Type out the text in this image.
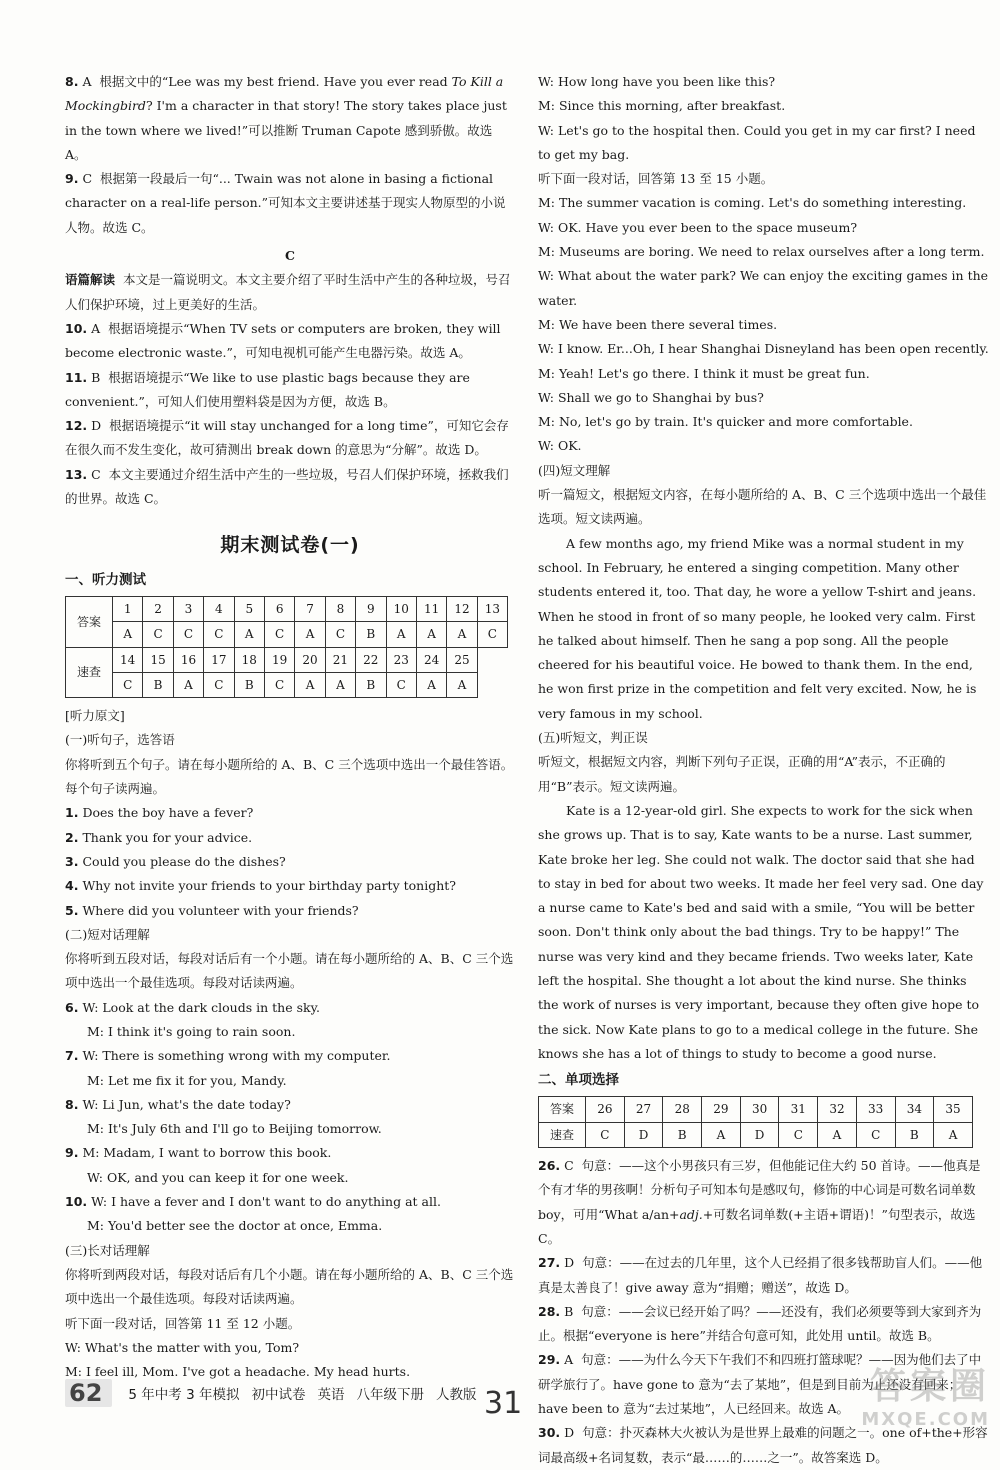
8. A 根据文中的“Lee was my best friend. Have you ever read To Kill a Mockingbird? I'm a character in that story! The story takes place just in the town where we lived!”可以推断 Truman Capote 感到骄傲。故选 A。
9. C 根据第一段最后一句“... Twain was not alone in basing a fictional character on a real-life person.”可知本文主要讲述基于现实人物原型的小说人物。故选 C。
C
语篇解读 本文是一篇说明文。本文主要介绍了平时生活中产生的各种垃圾，号召人们保护环境，过上更美好的生活。
10. A 根据语境提示“When TV sets or computers are broken, they will become electronic waste.”，可知电视机可能产生电器污染。故选 A。
11. B 根据语境提示“We like to use plastic bags because they are convenient.”，可知人们使用塑料袋是因为方便，故选 B。
12. D 根据语境提示“it will stay unchanged for a long time”，可知它会存在很久而不发生变化，故可猜测出 break down 的意思为“分解”。故选 D。
13. C 本文主要通过介绍生活中产生的一些垃圾，号召人们保护环境，拯救我们的世界。故选 C。
期末测试卷(一)
一、听力测试
答案	1	2	3	4	5	6	7	8	9	10	11	12	13
	A	C	C	C	A	C	A	C	B	A	A	A	C
速查	14	15	16	17	18	19	20	21	22	23	24	25	
	C	B	A	C	B	C	A	A	B	C	A	A	
[听力原文]
(一)听句子，选答语
你将听到五个句子。请在每小题所给的 A、B、C 三个选项中选出一个最佳答语。每个句子读两遍。
1. Does the boy have a fever?
2. Thank you for your advice.
3. Could you please do the dishes?
4. Why not invite your friends to your birthday party tonight?
5. Where did you volunteer with your friends?
(二)短对话理解
你将听到五段对话，每段对话后有一个小题。请在每小题所给的 A、B、C 三个选项中选出一个最佳选项。每段对话读两遍。
6. W: Look at the dark clouds in the sky.
M: I think it's going to rain soon.
7. W: There is something wrong with my computer.
M: Let me fix it for you, Mandy.
8. W: Li Jun, what's the date today?
M: It's July 6th and I'll go to Beijing tomorrow.
9. M: Madam, I want to borrow this book.
W: OK, and you can keep it for one week.
10. W: I have a fever and I don't want to do anything at all.
M: You'd better see the doctor at once, Emma.
(三)长对话理解
你将听到两段对话，每段对话后有几个小题。请在每小题所给的 A、B、C 三个选项中选出一个最佳选项。每段对话读两遍。
听下面一段对话，回答第 11 至 12 小题。
W: What's the matter with you, Tom?
M: I feel ill, Mom. I've got a headache. My head hurts.
W: How long have you been like this?
M: Since this morning, after breakfast.
W: Let's go to the hospital then. Could you get in my car first? I need to get my bag.
听下面一段对话，回答第 13 至 15 小题。
M: The summer vacation is coming. Let's do something interesting.
W: OK. Have you ever been to the space museum?
M: Museums are boring. We need to relax ourselves after a long term.
W: What about the water park? We can enjoy the exciting games in the water.
M: We have been there several times.
W: I know. Er...Oh, I hear Shanghai Disneyland has been open recently.
M: Yeah! Let's go there. I think it must be great fun.
W: Shall we go to Shanghai by bus?
M: No, let's go by train. It's quicker and more comfortable.
W: OK.
(四)短文理解
听一篇短文，根据短文内容，在每小题所给的 A、B、C 三个选项中选出一个最佳选项。短文读两遍。
A few months ago, my friend Mike was a normal student in my school. In February, he entered a singing competition. Many other students entered it, too. That day, he wore a yellow T-shirt and jeans. When he stood in front of so many people, he looked very calm. First he talked about himself. Then he sang a pop song. All the people cheered for his beautiful voice. He bowed to thank them. In the end, he won first prize in the competition and felt very excited. Now, he is very famous in my school.
(五)听短文，判正误
听短文，根据短文内容，判断下列句子正误，正确的用“A”表示，不正确的用“B”表示。短文读两遍。
Kate is a 12-year-old girl. She expects to work for the sick when she grows up. That is to say, Kate wants to be a nurse. Last summer, Kate broke her leg. She could not walk. The doctor said that she had to stay in bed for about two weeks. It made her feel very sad. One day a nurse came to Kate's bed and said with a smile, “You will be better soon. Don't think only about the bad things. Try to be happy!” The nurse was very kind and they became friends. Two weeks later, Kate left the hospital. She thought a lot about the kind nurse. She thinks the work of nurses is very important, because they often give hope to the sick. Now Kate plans to go to a medical college in the future. She knows she has a lot of things to study to become a good nurse.
二、单项选择
答案	26	27	28	29	30	31	32	33	34	35
速查	C	D	B	A	D	C	A	C	B	A
26. C 句意：——这个小男孩只有三岁，但他能记住大约 50 首诗。——他真是个有才华的男孩啊！分析句子可知本句是感叹句，修饰的中心词是可数名词单数 boy，可用“What a/an+adj.+可数名词单数(+主语+谓语)！”句型表示，故选 C。
27. D 句意：——在过去的几年里，这个人已经捐了很多钱帮助盲人们。——他真是太善良了！give away 意为“捐赠；赠送”，故选 D。
28. B 句意：——会议已经开始了吗？——还没有，我们必须要等到大家到齐为止。根据“everyone is here”并结合句意可知，此处用 until。故选 B。
29. A 句意：——为什么今天下午我们不和四班打篮球呢？——因为他们去了中研学旅行了。have gone to 意为“去了某地”，但是到目前为止还没有回来；have been to 意为“去过某地”，人已经回来。故选 A。
30. D 句意：扑灭森林大火被认为是世界上最难的问题之一。one of+the+形容词最高级+名词复数，表示“最……的……之一”。故答案选 D。
62	5 年中考 3 年模拟 初中试卷 英语 八年级下册 人教版 31	答案圈
MXQE.COM
